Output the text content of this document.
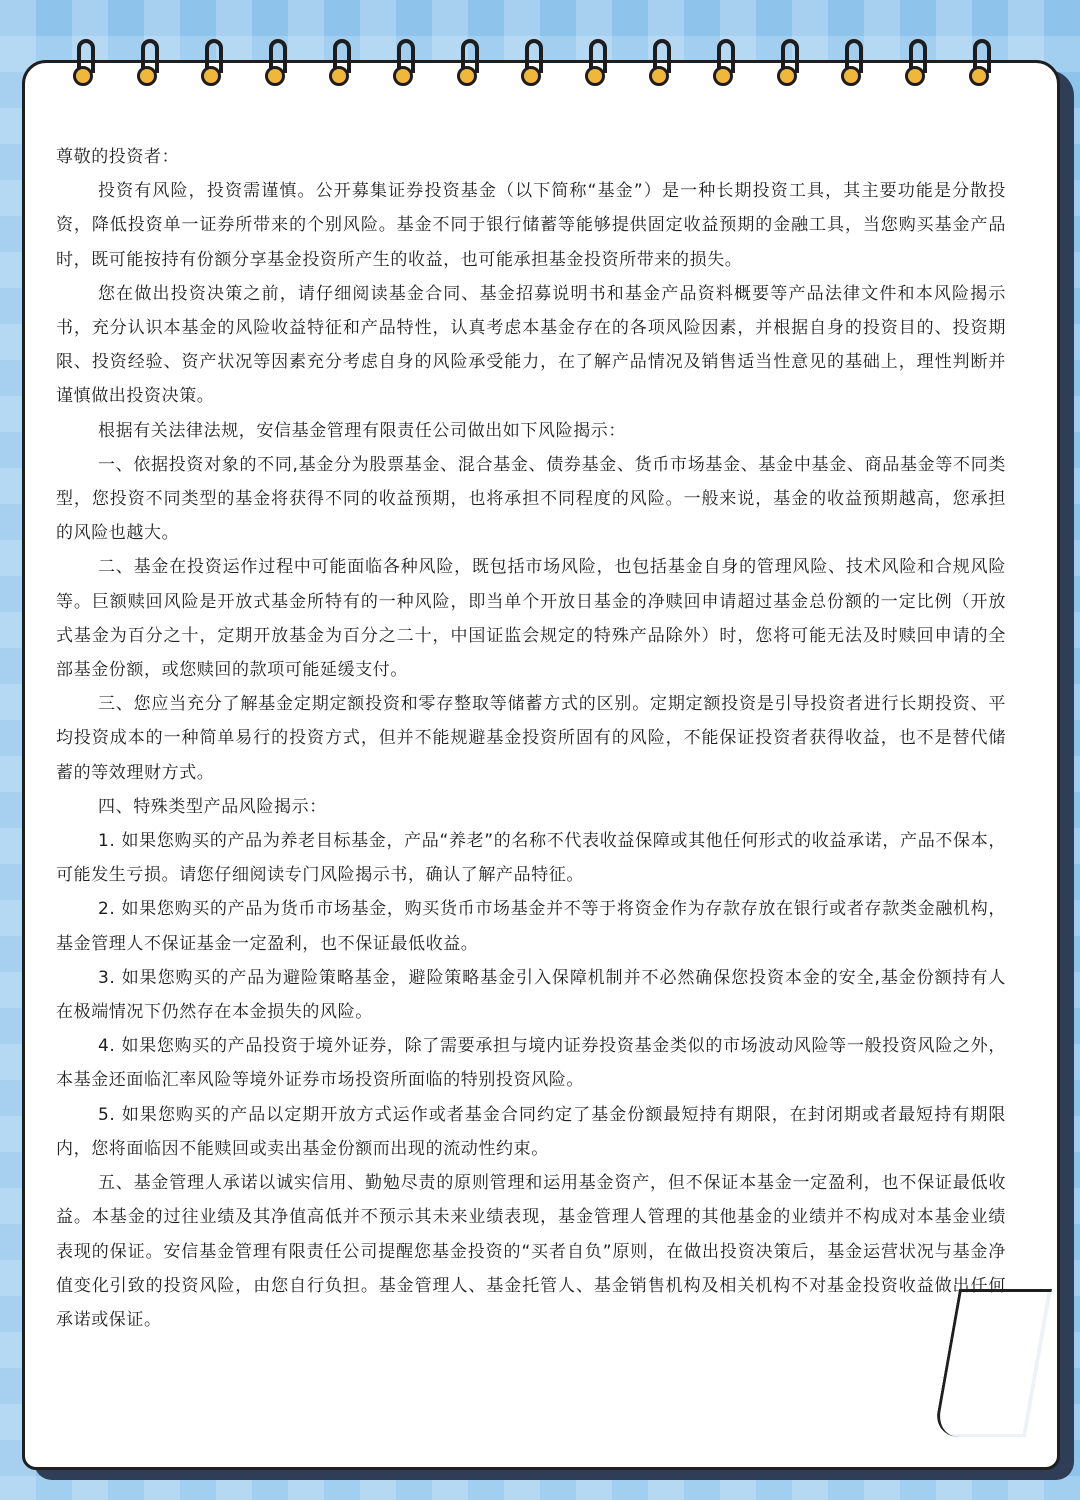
尊敬的投资者：

投资有风险，投资需谨慎。公开募集证券投资基金（以下简称“基金”）是一种长期投资工具，其主要功能是分散投资，降低投资单一证券所带来的个别风险。基金不同于银行储蓄等能够提供固定收益预期的金融工具，当您购买基金产品时，既可能按持有份额分享基金投资所产生的收益，也可能承担基金投资所带来的损失。

您在做出投资决策之前，请仔细阅读基金合同、基金招募说明书和基金产品资料概要等产品法律文件和本风险揭示书，充分认识本基金的风险收益特征和产品特性，认真考虑本基金存在的各项风险因素，并根据自身的投资目的、投资期限、投资经验、资产状况等因素充分考虑自身的风险承受能力，在了解产品情况及销售适当性意见的基础上，理性判断并谨慎做出投资决策。

根据有关法律法规，安信基金管理有限责任公司做出如下风险揭示：

一、依据投资对象的不同,基金分为股票基金、混合基金、债券基金、货币市场基金、基金中基金、商品基金等不同类型，您投资不同类型的基金将获得不同的收益预期，也将承担不同程度的风险。一般来说，基金的收益预期越高，您承担的风险也越大。

二、基金在投资运作过程中可能面临各种风险，既包括市场风险，也包括基金自身的管理风险、技术风险和合规风险等。巨额赎回风险是开放式基金所特有的一种风险，即当单个开放日基金的净赎回申请超过基金总份额的一定比例（开放式基金为百分之十，定期开放基金为百分之二十，中国证监会规定的特殊产品除外）时，您将可能无法及时赎回申请的全部基金份额，或您赎回的款项可能延缓支付。

三、您应当充分了解基金定期定额投资和零存整取等储蓄方式的区别。定期定额投资是引导投资者进行长期投资、平均投资成本的一种简单易行的投资方式，但并不能规避基金投资所固有的风险，不能保证投资者获得收益，也不是替代储蓄的等效理财方式。

四、特殊类型产品风险揭示：

1. 如果您购买的产品为养老目标基金，产品“养老”的名称不代表收益保障或其他任何形式的收益承诺，产品不保本，可能发生亏损。请您仔细阅读专门风险揭示书，确认了解产品特征。

2. 如果您购买的产品为货币市场基金，购买货币市场基金并不等于将资金作为存款存放在银行或者存款类金融机构，基金管理人不保证基金一定盈利，也不保证最低收益。

3. 如果您购买的产品为避险策略基金，避险策略基金引入保障机制并不必然确保您投资本金的安全,基金份额持有人在极端情况下仍然存在本金损失的风险。

4. 如果您购买的产品投资于境外证券，除了需要承担与境内证券投资基金类似的市场波动风险等一般投资风险之外，本基金还面临汇率风险等境外证券市场投资所面临的特别投资风险。

5. 如果您购买的产品以定期开放方式运作或者基金合同约定了基金份额最短持有期限，在封闭期或者最短持有期限内，您将面临因不能赎回或卖出基金份额而出现的流动性约束。

五、基金管理人承诺以诚实信用、勤勉尽责的原则管理和运用基金资产，但不保证本基金一定盈利，也不保证最低收益。本基金的过往业绩及其净值高低并不预示其未来业绩表现，基金管理人管理的其他基金的业绩并不构成对本基金业绩表现的保证。安信基金管理有限责任公司提醒您基金投资的“买者自负”原则，在做出投资决策后，基金运营状况与基金净值变化引致的投资风险，由您自行负担。基金管理人、基金托管人、基金销售机构及相关机构不对基金投资收益做出任何承诺或保证。
